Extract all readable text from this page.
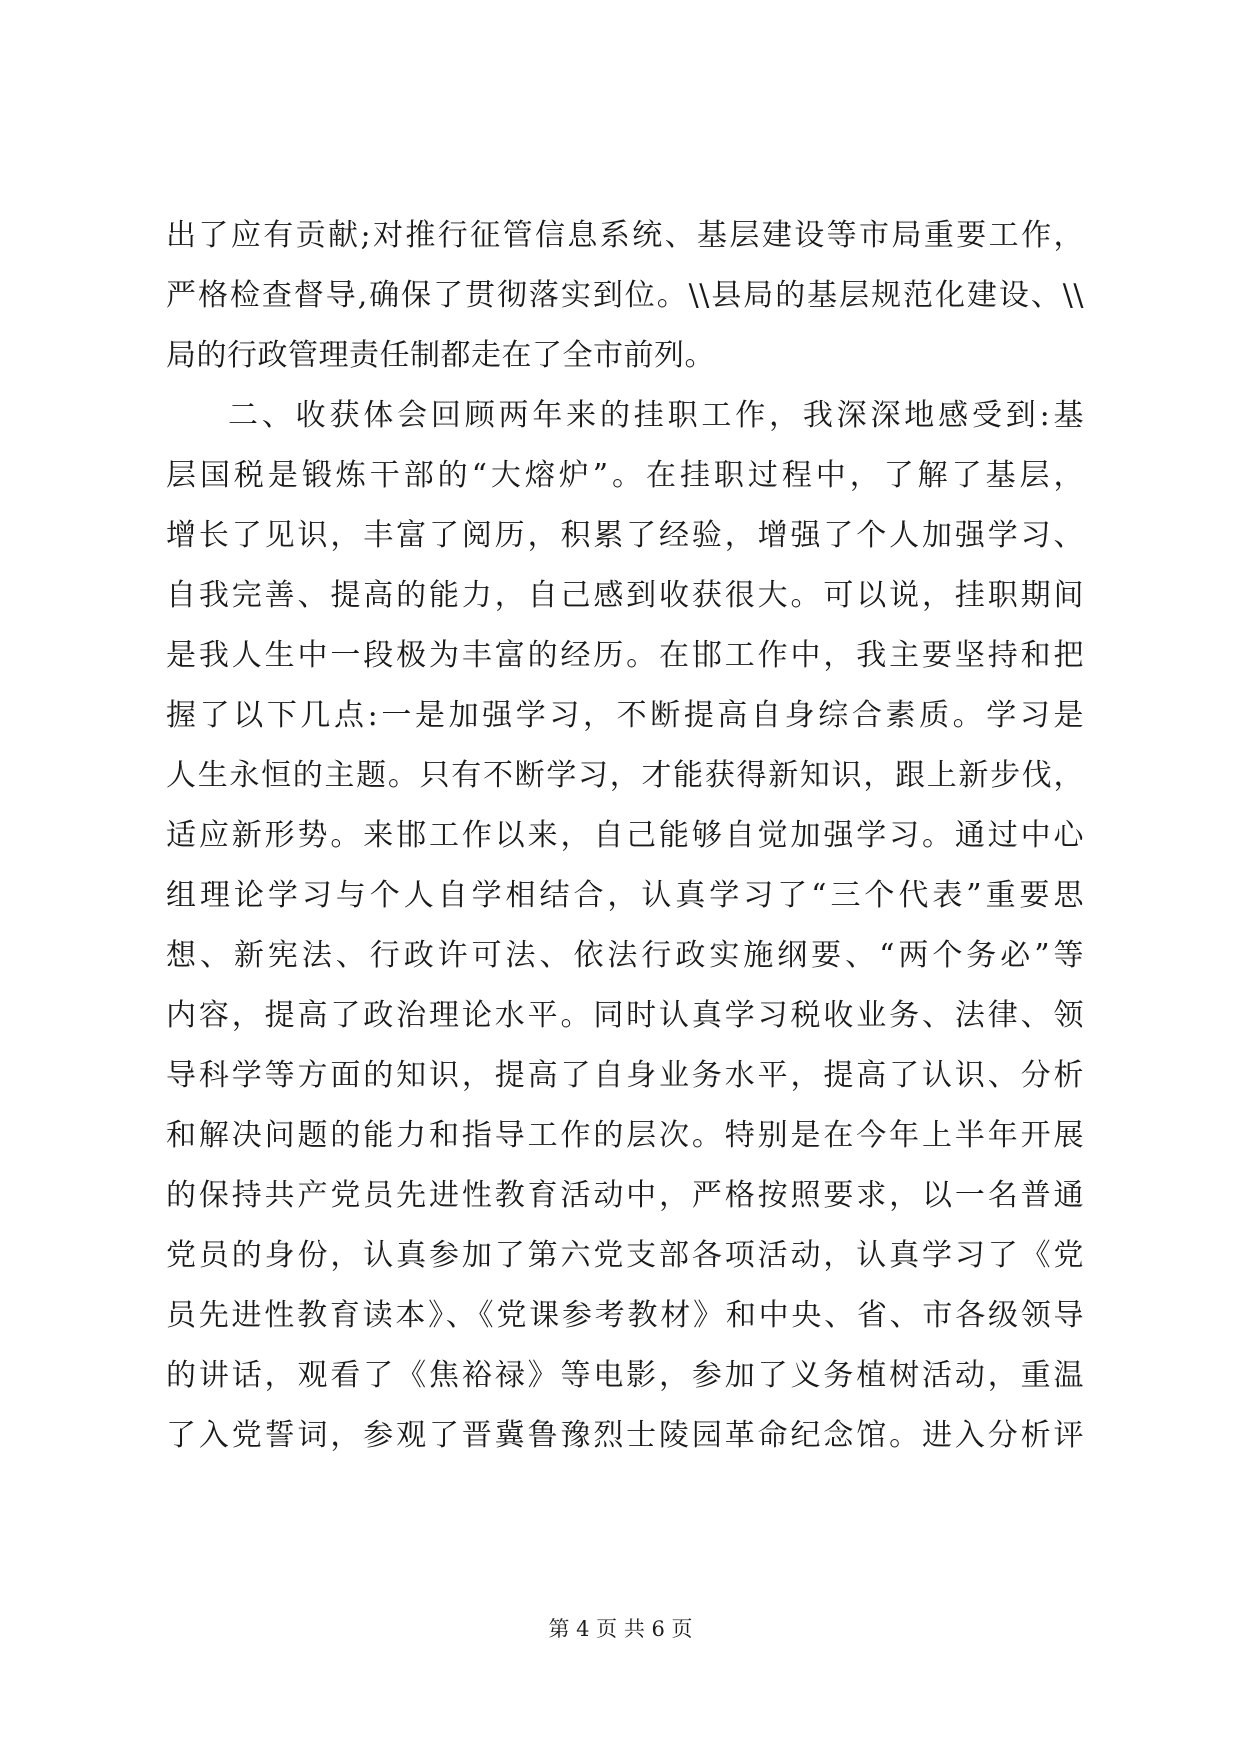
出了应有贡献;对推行征管信息系统、基层建设等市局重要工作，
严格检查督导,确保了贯彻落实到位。\\县局的基层规范化建设、\\
局的行政管理责任制都走在了全市前列。
二、收获体会回顾两年来的挂职工作，我深深地感受到:基
层国税是锻炼干部的“大熔炉”。在挂职过程中，了解了基层，
增长了见识，丰富了阅历，积累了经验，增强了个人加强学习、
自我完善、提高的能力，自己感到收获很大。可以说，挂职期间
是我人生中一段极为丰富的经历。在邯工作中，我主要坚持和把
握了以下几点:一是加强学习，不断提高自身综合素质。学习是
人生永恒的主题。只有不断学习，才能获得新知识，跟上新步伐，
适应新形势。来邯工作以来，自己能够自觉加强学习。通过中心
组理论学习与个人自学相结合，认真学习了“三个代表”重要思
想、新宪法、行政许可法、依法行政实施纲要、“两个务必”等
内容，提高了政治理论水平。同时认真学习税收业务、法律、领
导科学等方面的知识，提高了自身业务水平，提高了认识、分析
和解决问题的能力和指导工作的层次。特别是在今年上半年开展
的保持共产党员先进性教育活动中，严格按照要求，以一名普通
党员的身份，认真参加了第六党支部各项活动，认真学习了《党
员先进性教育读本》、《党课参考教材》和中央、省、市各级领导
的讲话，观看了《焦裕禄》等电影，参加了义务植树活动，重温
了入党誓词，参观了晋冀鲁豫烈士陵园革命纪念馆。进入分析评
第 4 页 共 6 页
